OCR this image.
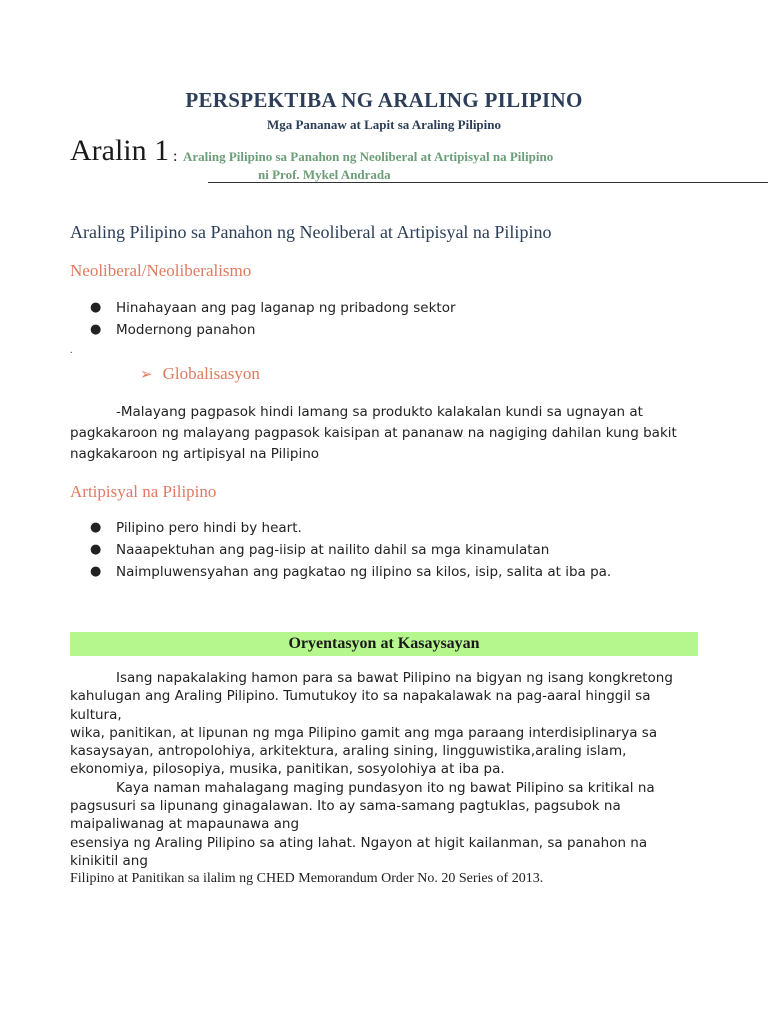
PERSPEKTIBA NG ARALING PILIPINO
Mga Pananaw at Lapit sa Araling Pilipino
Aralin 1 : Araling Pilipino sa Panahon ng Neoliberal at Artipisyal na Pilipino
ni Prof. Mykel Andrada
Araling Pilipino sa Panahon ng Neoliberal at Artipisyal na Pilipino
Neoliberal/Neoliberalismo
● Hinahayaan ang pag laganap ng pribadong sektor
● Modernong panahon
.
➢ Globalisasyon

-Malayang pagpasok hindi lamang sa produkto kalakalan kundi sa ugnayan at
pagkakaroon ng malayang pagpasok kaisipan at pananaw na nagiging dahilan kung bakit
nagkakaroon ng artipisyal na Pilipino

Artipisyal na Pilipino
● Pilipino pero hindi by heart.
● Naaapektuhan ang pag-iisip at nailito dahil sa mga kinamulatan
● Naimpluwensyahan ang pagkatao ng ilipino sa kilos, isip, salita at iba pa.
Oryentasyon at Kasaysayan
Isang napakalaking hamon para sa bawat Pilipino na bigyan ng isang kongkretong
kahulugan ang Araling Pilipino. Tumutukoy ito sa napakalawak na pag-aaral hinggil sa
kultura,
wika, panitikan, at lipunan ng mga Pilipino gamit ang mga paraang interdisiplinarya sa
kasaysayan, antropolohiya, arkitektura, araling sining, lingguwistika,araling islam,
ekonomiya, pilosopiya, musika, panitikan, sosyolohiya at iba pa.
Kaya naman mahalagang maging pundasyon ito ng bawat Pilipino sa kritikal na
pagsusuri sa lipunang ginagalawan. Ito ay sama-samang pagtuklas, pagsubok na
maipaliwanag at mapaunawa ang
esensiya ng Araling Pilipino sa ating lahat. Ngayon at higit kailanman, sa panahon na
kinikitil ang
Filipino at Panitikan sa ilalim ng CHED Memorandum Order No. 20 Series of 2013.
